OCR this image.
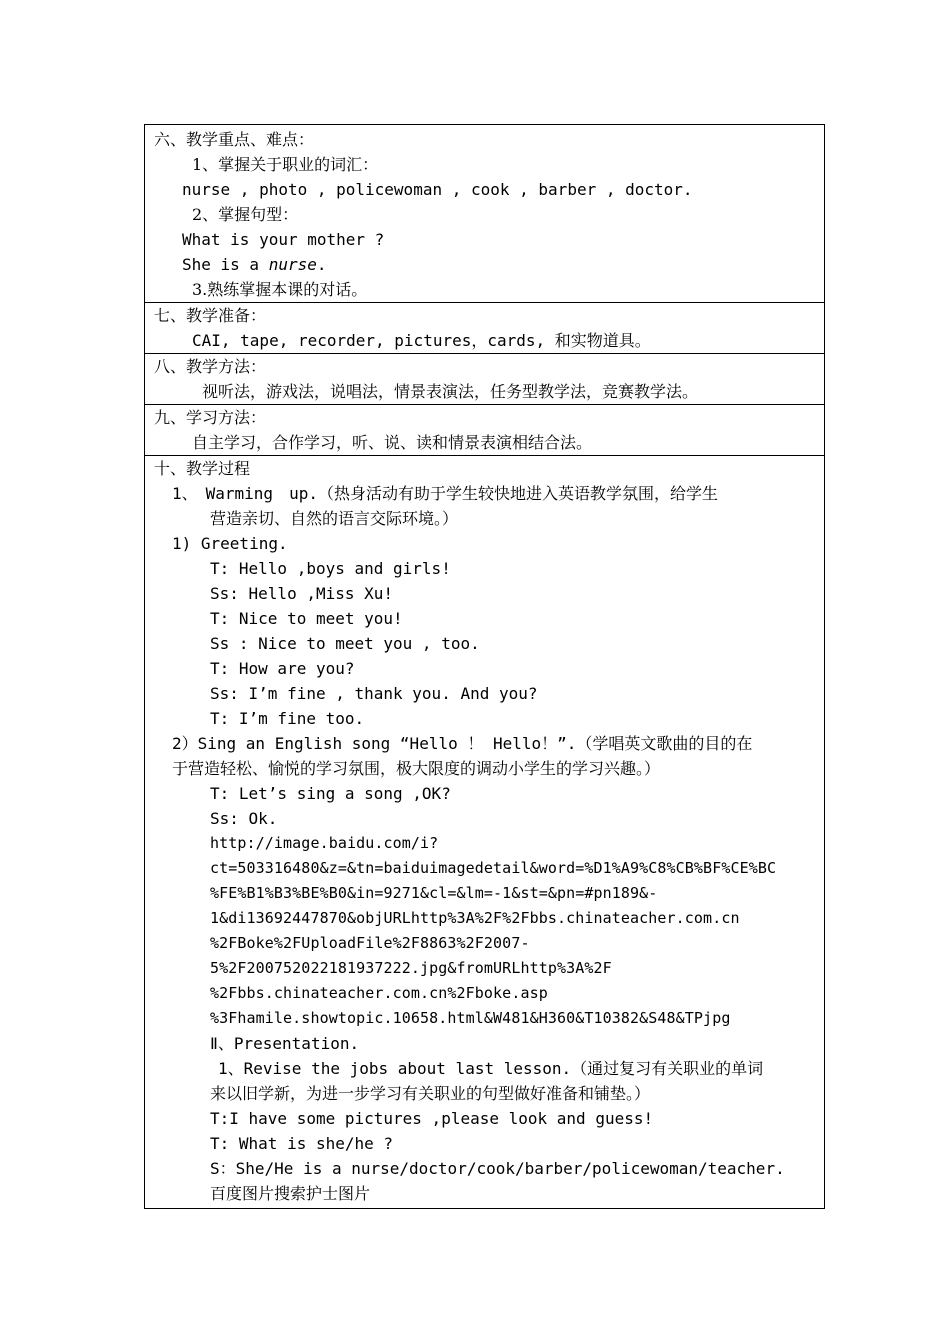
六、教学重点、难点：
1、掌握关于职业的词汇：
nurse , photo , policewoman , cook , barber , doctor.
2、掌握句型：
What is your mother ?
She is a nurse.
3.熟练掌握本课的对话。

七、教学准备：
CAI, tape, recorder, pictures，cards, 和实物道具。

八、教学方法：
视听法，游戏法，说唱法，情景表演法，任务型教学法，竞赛教学法。

九、学习方法：
自主学习，合作学习，听、说、读和情景表演相结合法。

十、教学过程
1、　Warming　up.（热身活动有助于学生较快地进入英语教学氛围，给学生
营造亲切、自然的语言交际环境。）
1) Greeting.
T: Hello ,boys and girls!
Ss: Hello ,Miss Xu!
T: Nice to meet you!
Ss : Nice to meet you , too.
T: How are you?
Ss: I’m fine , thank you. And you?
T: I’m fine too.
2）Sing an English song “Hello ！ Hello！”.（学唱英文歌曲的目的在
于营造轻松、愉悦的学习氛围，极大限度的调动小学生的学习兴趣。）
T: Let’s sing a song ,OK?
Ss: Ok.
http://image.baidu.com/i?
ct=503316480&z=&tn=baiduimagedetail&word=%D1%A9%C8%CB%BF%CE%BC
%FE%B1%B3%BE%B0&in=9271&cl=&lm=-1&st=&pn=#pn189&-
1&di13692447870&objURLhttp%3A%2F%2Fbbs.chinateacher.com.cn
%2FBoke%2FUploadFile%2F8863%2F2007-
5%2F200752022181937222.jpg&fromURLhttp%3A%2F
%2Fbbs.chinateacher.com.cn%2Fboke.asp
%3Fhamile.showtopic.10658.html&W481&H360&T10382&S48&TPjpg
Ⅱ、Presentation.
1、Revise the jobs about last lesson.（通过复习有关职业的单词
来以旧学新，为进一步学习有关职业的句型做好准备和铺垫。）
T:I have some pictures ,please look and guess!
T: What is she/he ?
S：She/He is a nurse/doctor/cook/barber/policewoman/teacher.
百度图片搜索护士图片
